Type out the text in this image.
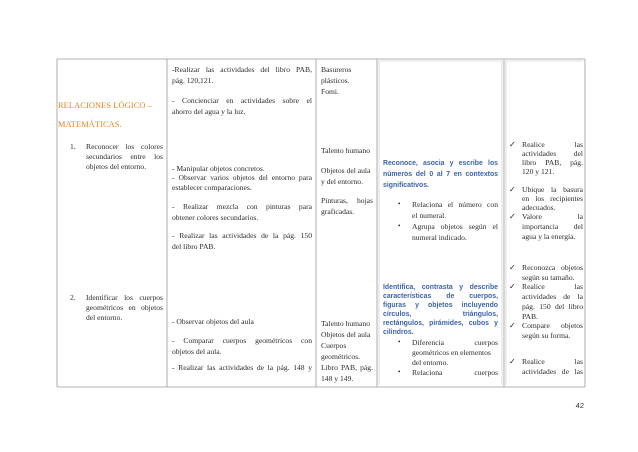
RELACIONES LÓGICO –
MATEMÁTICAS.
1. Reconocer los colores
secundarios entre los
objetos del entorno.
2. Identificar los cuerpos
geométricos en objetos
del entorno.
-Realizar las actividades del libro PAB,
pág. 120,121.
- Concienciar en actividades sobre el
ahorro del agua y la luz.
- Manipular objetos concretos.
- Observar varios objetos del entorno para
establecer comparaciones.
- Realizar mezcla con pinturas para
obtener colores secundarios.
- Realizar las actividades de la pág. 150
del libro PAB.
- Observar objetos del aula
- Comparar cuerpos geométricos con
objetos del aula.
- Realizar las actividades de la pág. 148 y
Basureros
plásticos.
Fomi.
Talento humano
Objetos del aula
y del entorno.
Pinturas, hojas
graficadas.
Talento humano
Objetos del aula
Cuerpos
geométricos.
Libro PAB, pág.
148 y 149.
Reconoce, asocia y escribe los
números del 0 al 7 en contextos
significativos.
• Relaciona el número con
el numeral.
• Agrupa objetos según el
numeral indicado.
Identifica, contrasta y describe
características de cuerpos,
figuras y objetos incluyendo
círculos, triángulos,
rectángulos, pirámides, cubos y
cilindros.
• Diferencia cuerpos
geométricos en elementos
del entorno.
• Relaciona cuerpos
✓ Realice las
actividades del
libro PAB, pág.
120 y 121.
✓ Ubique la basura
en los recipientes
adecuados.
✓ Valore la
importancia del
agua y la energía.
✓ Reconozca objetos
según su tamaño.
✓ Realice las
actividades de la
pág. 150 del libro
PAB.
✓ Compare objetos
según su forma.
✓ Realice las
actividades de las
42
